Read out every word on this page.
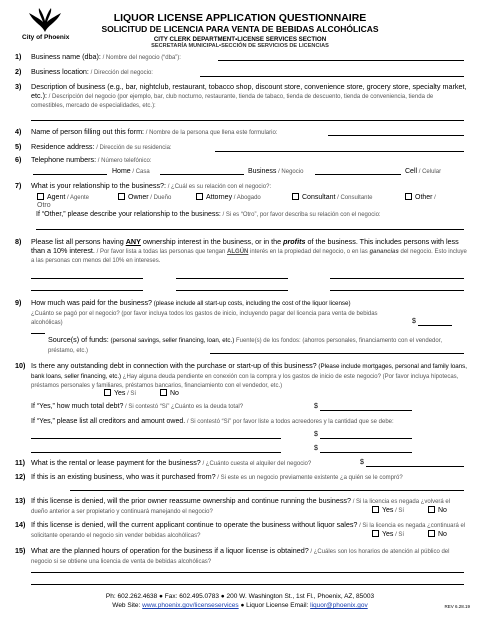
City of Phoenix
LIQUOR LICENSE APPLICATION QUESTIONNAIRE
SOLICITUD DE LICENCIA PARA VENTA DE BEBIDAS ALCOHÓLICAS
CITY CLERK DEPARTMENT▪LICENSE SERVICES SECTION
SECRETARÍA MUNICIPAL▪SECCIÓN DE SERVICIOS DE LICENCIAS
1) Business name (dba): / Nombre del negocio (“dba”):
2) Business location: / Dirección del negocio:
3) Description of business (e.g., bar, nightclub, restaurant, tobacco shop, discount store, convenience store, grocery store, specialty market, etc.): / Descripción del negocio (por ejemplo, bar, club nocturno, restaurante, tienda de tabaco, tienda de descuento, tienda de conveniencia, tienda de comestibles, mercado de especialidades, etc.):
4) Name of person filling out this form: / Nombre de la persona que llena este formulario:
5) Residence address: / Dirección de su residencia:
6) Telephone numbers: / Número telefónico:
Home / Casa	Business / Negocio	Cell / Celular
7) What is your relationship to the business?: / ¿Cuál es su relación con el negocio?:
Agent / Agente	Owner / Dueño	Attorney / Abogado	Consultant / Consultante	Other /
Otro
If “Other,” please describe your relationship to the business: / Si es “Otro”, por favor describa su relación con el negocio:
8) Please list all persons having ANY ownership interest in the business, or in the profits of the business. This includes persons with less than a 10% interest. / Por favor lista a todas las personas que tengan ALGÚN interés en la propiedad del negocio, o en las ganancias del negocio. Esto incluye a las personas con menos del 10% en intereses.
9) How much was paid for the business? (please include all start-up costs, including the cost of the liquor license)
¿Cuánto se pagó por el negocio? (por favor incluya todos los gastos de inicio, incluyendo pagar del licencia para venta de bebidas alcohólicas)	$
Source(s) of funds: (personal savings, seller financing, loan, etc.) Fuente(s) de los fondos: (ahorros personales, financiamento con el vendedor, préstamo, etc.)
10) Is there any outstanding debt in connection with the purchase or start-up of this business? (Please include mortgages, personal and family loans, bank loans, seller financing, etc.) ¿Hay alguna deuda pendiente en conexión con la compra y los gastos de inicio de este negocio? (Por favor incluya hipotecas, préstamos personales y familiares, préstamos bancarios, financiamiento con el vendedor, etc.)
Yes / Sí	No
If “Yes,” how much total debt? / Si contestó “Sí” ¿Cuánto es la deuda total?	$
If “Yes,” please list all creditors and amount owed. / Si contestó “Sí” por favor liste a todos acreedores y la cantidad que se debe:
$
$
11) What is the rental or lease payment for the business? / ¿Cuánto cuesta el alquiler del negocio?	$
12) If this is an existing business, who was it purchased from? / Si este es un negocio previamente existente ¿a quién se le compró?
13) If this license is denied, will the prior owner reassume ownership and continue running the business? / Si la licencia es negada ¿volverá el dueño anterior a ser propietario y continuará manejando el negocio?	Yes / Sí	No
14) If this license is denied, will the current applicant continue to operate the business without liquor sales? / Si la licencia es negada ¿continuará el solicitante operando el negocio sin vender bebidas alcohólicas?	Yes / Sí	No
15) What are the planned hours of operation for the business if a liquor license is obtained? / ¿Cuáles son los horarios de atención al público del negocio si se obtiene una licencia de venta de bebidas alcohólicas?
Ph: 602.262.4638 ● Fax: 602.495.0783 ● 200 W. Washington St., 1st Fl., Phoenix, AZ, 85003
Web Site: www.phoenix.gov/licenseservices ● Liquor License Email: liquor@phoenix.gov	REV 6.28.19
